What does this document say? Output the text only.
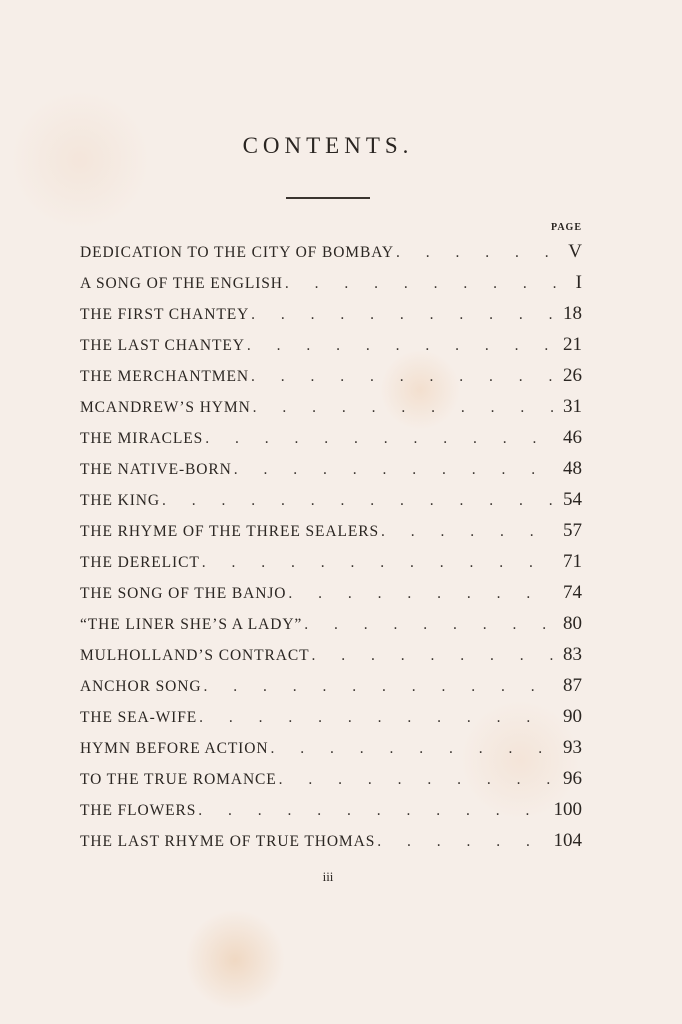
CONTENTS.
PAGE
DEDICATION TO THE CITY OF BOMBAY . . .	V
A SONG OF THE ENGLISH . . .	I
THE FIRST CHANTEY . . .	18
THE LAST CHANTEY . . .	21
THE MERCHANTMEN . . .	26
MCANDREW’S HYMN . . .	31
THE MIRACLES . . .	46
THE NATIVE-BORN . . .	48
THE KING . . .	54
THE RHYME OF THE THREE SEALERS . . .	57
THE DERELICT . . .	71
THE SONG OF THE BANJO . . .	74
“THE LINER SHE’S A LADY” . . .	80
MULHOLLAND’S CONTRACT . . .	83
ANCHOR SONG . . .	87
THE SEA-WIFE . . .	90
HYMN BEFORE ACTION . . .	93
TO THE TRUE ROMANCE . . .	96
THE FLOWERS . . .	100
THE LAST RHYME OF TRUE THOMAS . . .	104
iii
